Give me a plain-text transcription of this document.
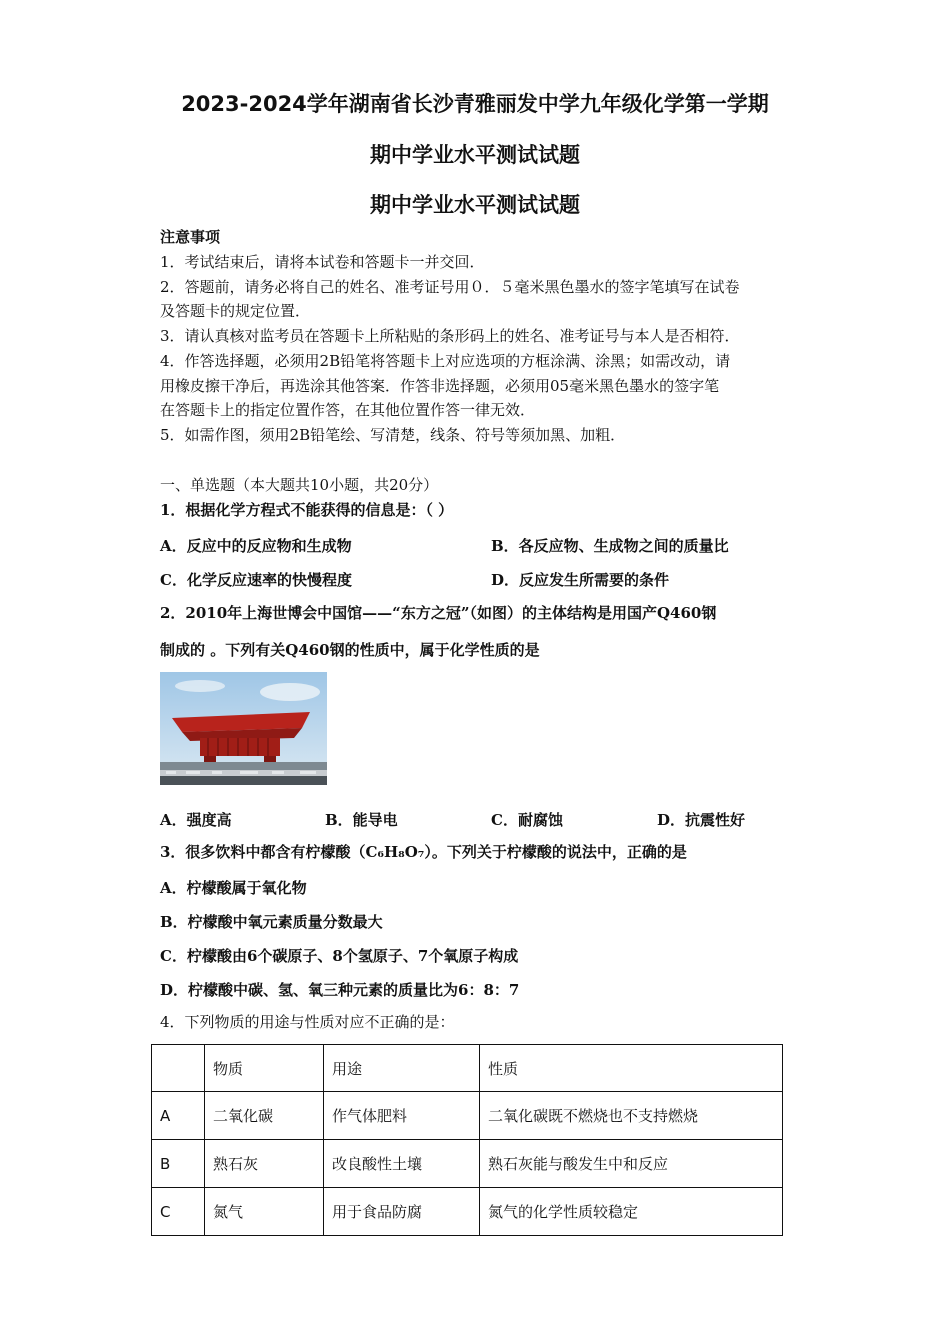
2023-2024学年湖南省长沙青雅丽发中学九年级化学第一学期
期中学业水平测试试题
期中学业水平测试试题
注意事项
1．考试结束后，请将本试卷和答题卡一并交回．
2．答题前，请务必将自己的姓名、准考证号用０．５毫米黑色墨水的签字笔填写在试卷
及答题卡的规定位置．
3．请认真核对监考员在答题卡上所粘贴的条形码上的姓名、准考证号与本人是否相符．
4．作答选择题，必须用2B铅笔将答题卡上对应选项的方框涂满、涂黑；如需改动，请
用橡皮擦干净后，再选涂其他答案．作答非选择题，必须用05毫米黑色墨水的签字笔
在答题卡上的指定位置作答，在其他位置作答一律无效．
5．如需作图，须用2B铅笔绘、写清楚，线条、符号等须加黑、加粗．
一、单选题（本大题共10小题，共20分）
1．根据化学方程式不能获得的信息是：（ ）
A．反应中的反应物和生成物	B．各反应物、生成物之间的质量比
C．化学反应速率的快慢程度	D．反应发生所需要的条件
2．2010年上海世博会中国馆——“东方之冠”（如图）的主体结构是用国产Q460钢
制成的 。下列有关Q460钢的性质中，属于化学性质的是
A．强度高	B．能导电	C．耐腐蚀	D．抗震性好
3．很多饮料中都含有柠檬酸（C₆H₈O₇）。下列关于柠檬酸的说法中，正确的是
A．柠檬酸属于氧化物
B．柠檬酸中氧元素质量分数最大
C．柠檬酸由6个碳原子、8个氢原子、7个氧原子构成
D．柠檬酸中碳、氢、氧三种元素的质量比为6：8：7
4．下列物质的用途与性质对应不正确的是：
	物质	用途	性质
A	二氧化碳	作气体肥料	二氧化碳既不燃烧也不支持燃烧
B	熟石灰	改良酸性土壤	熟石灰能与酸发生中和反应
C	氮气	用于食品防腐	氮气的化学性质较稳定
